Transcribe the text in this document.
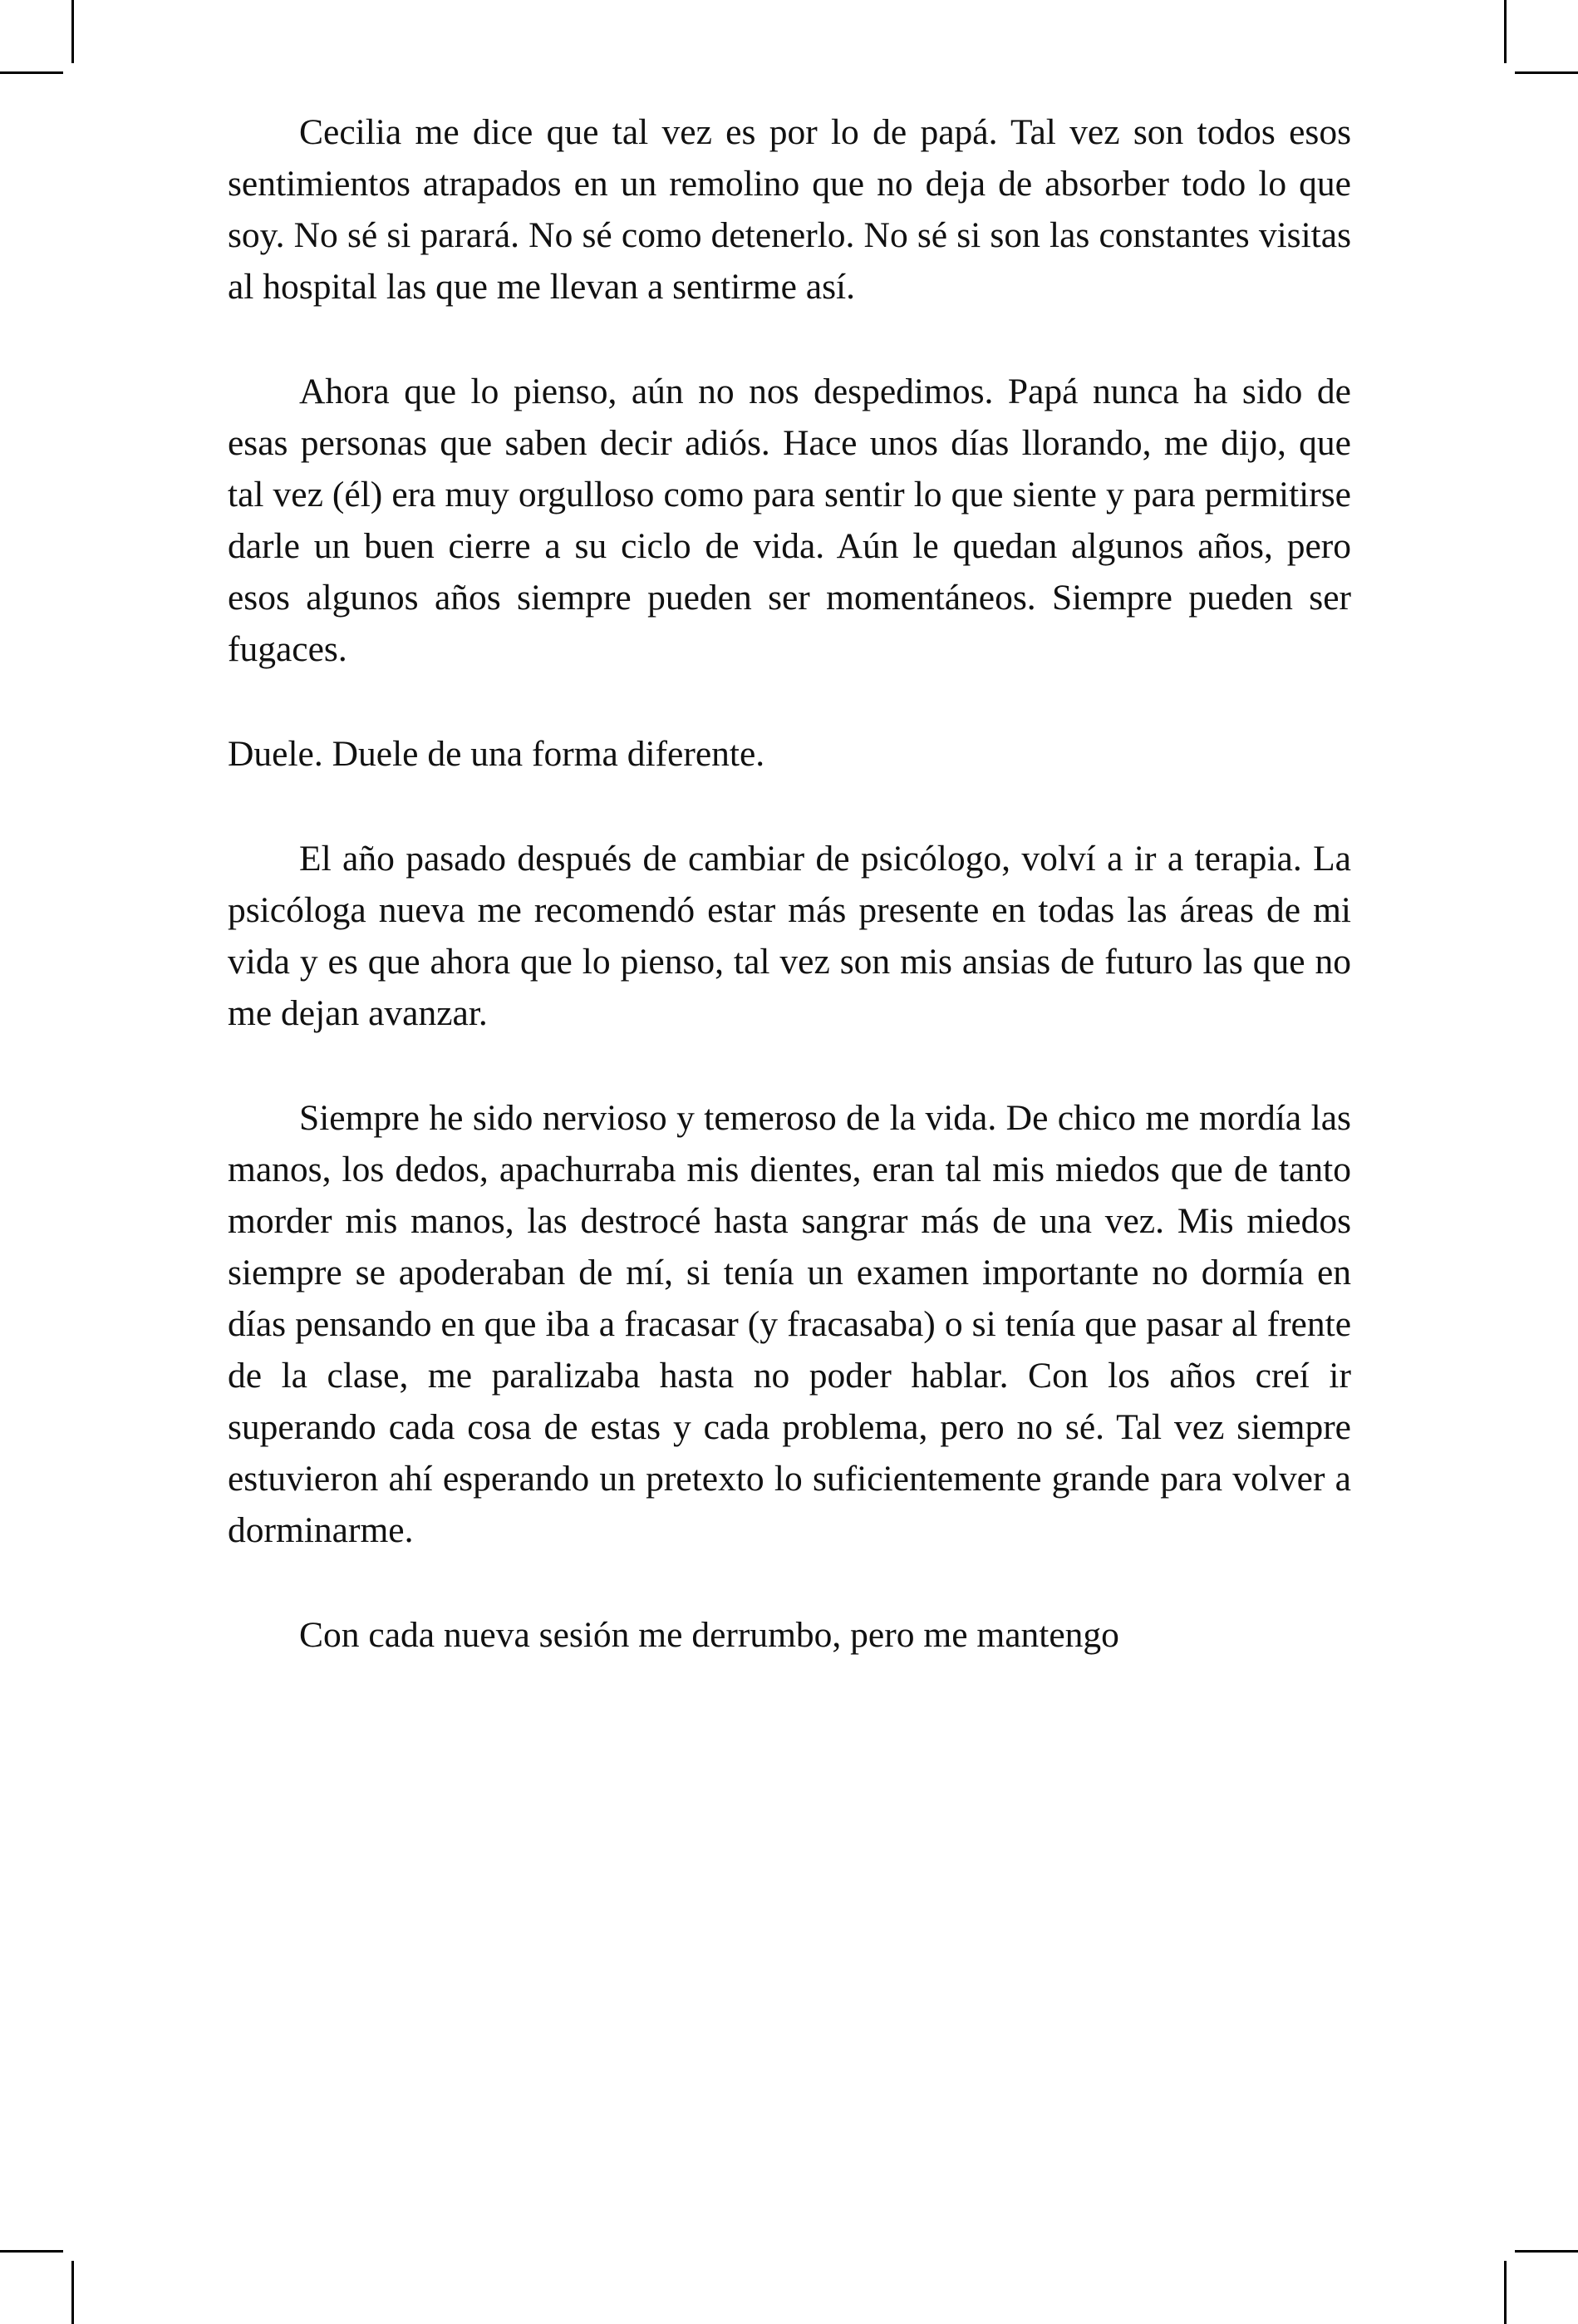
Cecilia me dice que tal vez es por lo de papá. Tal vez son todos esos sentimientos atrapados en un remolino que no deja de absorber todo lo que soy. No sé si parará. No sé como detenerlo. No sé si son las constantes visitas al hospital las que me llevan a sentirme así.

Ahora que lo pienso, aún no nos despedimos. Papá nunca ha sido de esas personas que saben decir adiós. Hace unos días llorando, me dijo, que tal vez (él) era muy orgulloso como para sentir lo que siente y para permitirse darle un buen cierre a su ciclo de vida. Aún le quedan algunos años, pero esos algunos años siempre pueden ser momentáneos. Siempre pueden ser fugaces.

Duele. Duele de una forma diferente.

El año pasado después de cambiar de psicólogo, volví a ir a terapia. La psicóloga nueva me recomendó estar más presente en todas las áreas de mi vida y es que ahora que lo pienso, tal vez son mis ansias de futuro las que no me dejan avanzar.

Siempre he sido nervioso y temeroso de la vida. De chico me mordía las manos, los dedos, apachurraba mis dientes, eran tal mis miedos que de tanto morder mis manos, las destrocé hasta sangrar más de una vez. Mis miedos siempre se apoderaban de mí, si tenía un examen importante no dormía en días pensando en que iba a fracasar (y fracasaba) o si tenía que pasar al frente de la clase, me paralizaba hasta no poder hablar. Con los años creí ir superando cada cosa de estas y cada problema, pero no sé. Tal vez siempre estuvieron ahí esperando un pretexto lo suficientemente grande para volver a dorminarme.

Con cada nueva sesión me derrumbo, pero me mantengo
